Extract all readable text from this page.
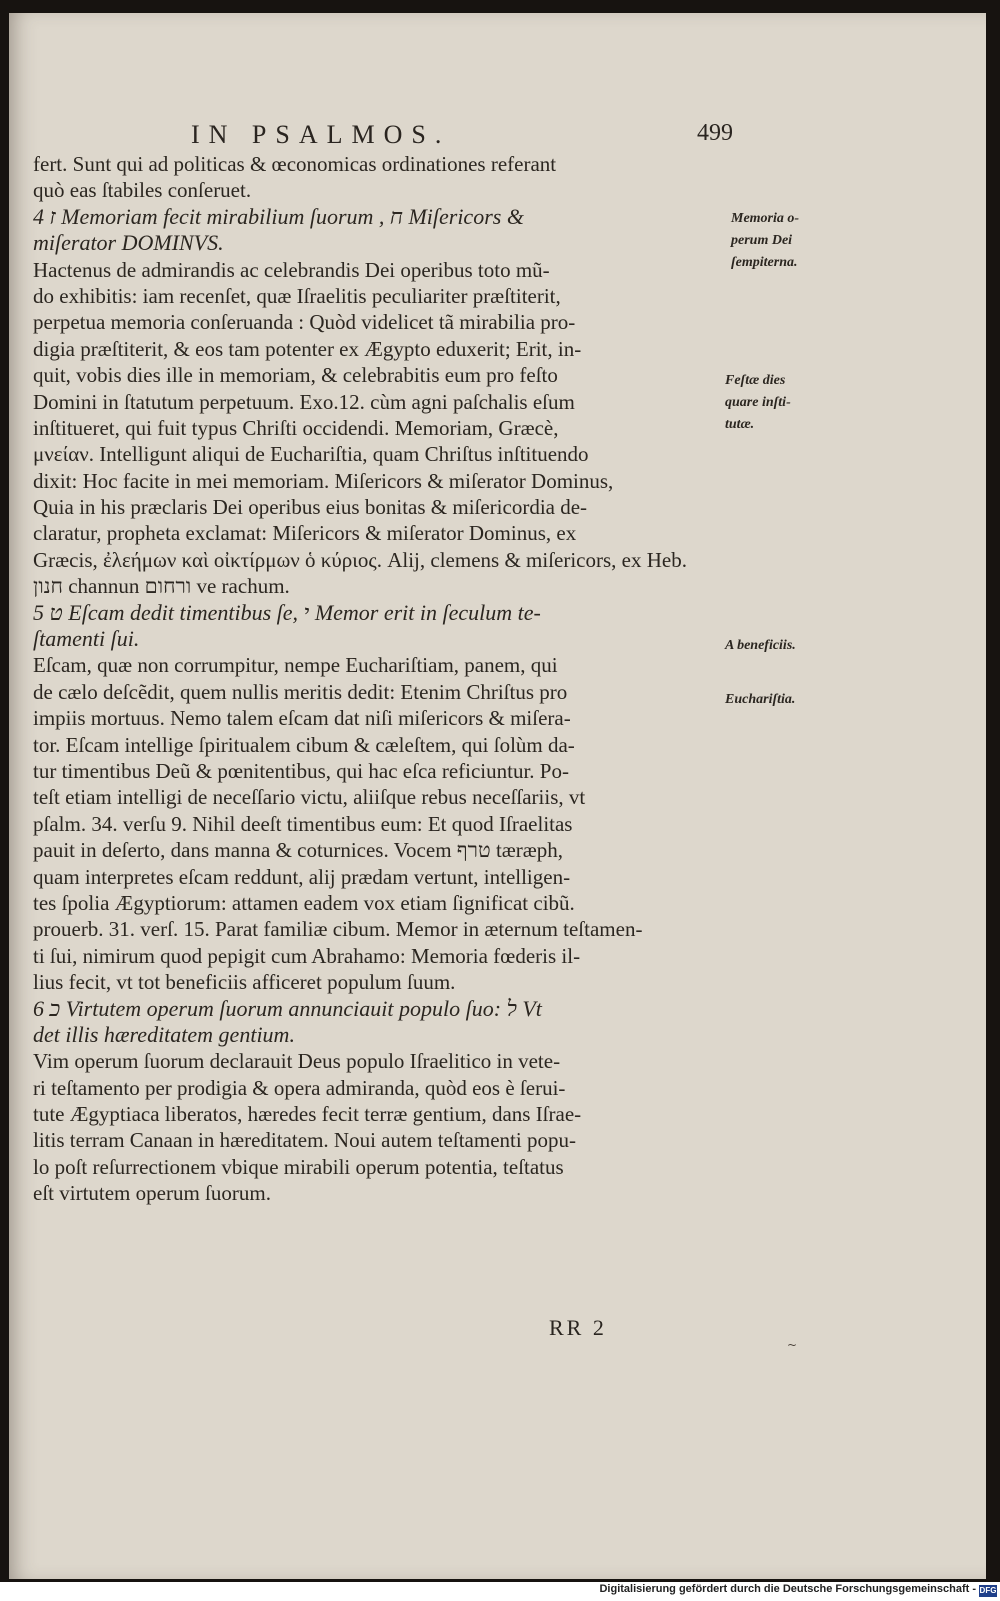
IN PSALMOS.	499
fert. Sunt qui ad politicas & œconomicas ordinationes referant
quò eas ſtabiles conſeruet.
4 ז Memoriam fecit mirabilium ſuorum , ח Miſericors &
miſerator DOMINVS.
Hactenus de admirandis ac celebrandis Dei operibus toto mũ-
do exhibitis: iam recenſet, quæ Iſraelitis peculiariter præſtiterit,
perpetua memoria conſeruanda : Quòd videlicet tã mirabilia pro-
digia præſtiterit, & eos tam potenter ex Ægypto eduxerit; Erit, in-
quit, vobis dies ille in memoriam, & celebrabitis eum pro feſto
Domini in ſtatutum perpetuum. Exo.12. cùm agni paſchalis eſum
inſtitueret, qui fuit typus Chriſti occidendi. Memoriam, Græcè,
μνείαν. Intelligunt aliqui de Euchariſtia, quam Chriſtus inſtituendo
dixit: Hoc facite in mei memoriam. Miſericors & miſerator Dominus,
Quia in his præclaris Dei operibus eius bonitas & miſericordia de-
claratur, propheta exclamat: Miſericors & miſerator Dominus, ex
Græcis, ἐλεήμων καὶ οἰκτίρμων ὁ κύριος. Alij, clemens & miſericors, ex Heb.
חנון channun ורחום ve rachum.
5 ט Eſcam dedit timentibus ſe, י Memor erit in ſeculum te-
ſtamenti ſui.
Eſcam, quæ non corrumpitur, nempe Euchariſtiam, panem, qui
de cælo deſcẽdit, quem nullis meritis dedit: Etenim Chriſtus pro
impiis mortuus. Nemo talem eſcam dat niſi miſericors & miſera-
tor. Eſcam intellige ſpiritualem cibum & cæleſtem, qui ſolùm da-
tur timentibus Deũ & pœnitentibus, qui hac eſca reficiuntur. Po-
teſt etiam intelligi de neceſſario victu, aliiſque rebus neceſſariis, vt
pſalm. 34. verſu 9. Nihil deeſt timentibus eum: Et quod Iſraelitas
pauit in deſerto, dans manna & coturnices. Vocem טרף tæræph,
quam interpretes eſcam reddunt, alij prædam vertunt, intelligen-
tes ſpolia Ægyptiorum: attamen eadem vox etiam ſignificat cibũ.
prouerb. 31. verſ. 15. Parat familiæ cibum. Memor in æternum teſtamen-
ti ſui, nimirum quod pepigit cum Abrahamo: Memoria fœderis il-
lius fecit, vt tot beneficiis afficeret populum ſuum.
6 כ Virtutem operum ſuorum annunciauit populo ſuo: ל Vt
det illis hæreditatem gentium.
Vim operum ſuorum declarauit Deus populo Iſraelitico in vete-
ri teſtamento per prodigia & opera admiranda, quòd eos è ſerui-
tute Ægyptiaca liberatos, hæredes fecit terræ gentium, dans Iſrae-
litis terram Canaan in hæreditatem. Noui autem teſtamenti popu-
lo poſt reſurrectionem vbique mirabili operum potentia, teſtatus
eſt virtutem operum ſuorum.
Memoria o-
perum Dei
ſempiterna.
Feſtæ dies
quare inſti-
tutæ.
A beneficiis.
Euchariſtia.
RR 2
~
Digitalisierung gefördert durch die Deutsche Forschungsgemeinschaft - DFG
